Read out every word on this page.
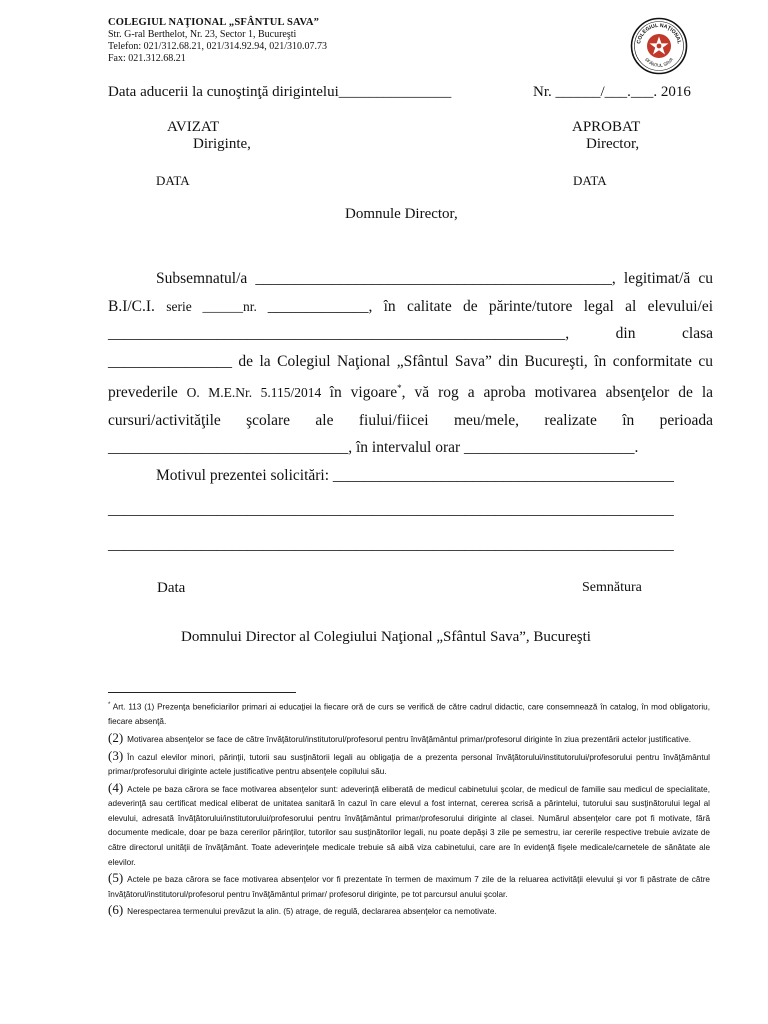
COLEGIUL NAŢIONAL „SFÂNTUL SAVA”
Str. G-ral Berthelot, Nr. 23, Sector 1, Bucureşti
Telefon: 021/312.68.21, 021/314.92.94, 021/310.07.73
Fax: 021.312.68.21
COLEGIUL NAŢIONAL
SFÂNTUL SAVA
Data aducerii la cunoştinţă dirigintelui_______________	Nr. ______/___.___. 2016
AVIZAT
Diriginte,
DATA
APROBAT
Director,
DATA
Domnule Director,

Subsemnatul/a ______________________________________________, legitimat/ă cu B.I/C.I. serie ______nr. _____________, în calitate de părinte/tutore legal al elevului/ei ___________________________________________________________, din clasa ________________ de la Colegiul Naţional „Sfântul Sava” din Bucureşti, în conformitate cu prevederile O. M.E.Nr. 5.115/2014 în vigoare*, vă rog a aproba motivarea absenţelor de la cursuri/activităţile şcolare ale fiului/fiicei meu/mele, realizate în perioada _______________________________, în intervalul orar ______________________.

Motivul prezentei solicitări: ____________________________________________

_________________________________________________________________________

_________________________________________________________________________

Data	Semnătura
Domnului Director al Colegiului Naţional „Sfântul Sava”, Bucureşti

* Art. 113 (1) Prezenţa beneficiarilor primari ai educaţiei la fiecare oră de curs se verifică de către cadrul didactic, care consemnează în catalog, în mod obligatoriu, fiecare absenţă.

(2) Motivarea absenţelor se face de către învăţătorul/institutorul/profesorul pentru învăţământul primar/profesorul diriginte în ziua prezentării actelor justificative.

(3) În cazul elevilor minori, părinţii, tutorii sau susţinătorii legali au obligaţia de a prezenta personal învăţătorului/institutorului/profesorului pentru învăţământul primar/profesorului diriginte actele justificative pentru absenţele copilului său.

(4) Actele pe baza cărora se face motivarea absenţelor sunt: adeverinţă eliberată de medicul cabinetului şcolar, de medicul de familie sau medicul de specialitate, adeverinţă sau certificat medical eliberat de unitatea sanitară în cazul în care elevul a fost internat, cererea scrisă a părintelui, tutorului sau susţinătorului legal al elevului, adresată învăţătorului/institutorului/profesorului pentru învăţământul primar/profesorului diriginte al clasei. Numărul absenţelor care pot fi motivate, fără documente medicale, doar pe baza cererilor părinţilor, tutorilor sau susţinătorilor legali, nu poate depăşi 3 zile pe semestru, iar cererile respective trebuie avizate de către directorul unităţii de învăţământ. Toate adeverinţele medicale trebuie să aibă viza cabinetului, care are în evidenţă fişele medicale/carnetele de sănătate ale elevilor.

(5) Actele pe baza cărora se face motivarea absenţelor vor fi prezentate în termen de maximum 7 zile de la reluarea activităţii elevului şi vor fi păstrate de către învăţătorul/institutorul/profesorul pentru învăţământul primar/ profesorul diriginte, pe tot parcursul anului şcolar.

(6) Nerespectarea termenului prevăzut la alin. (5) atrage, de regulă, declararea absenţelor ca nemotivate.
